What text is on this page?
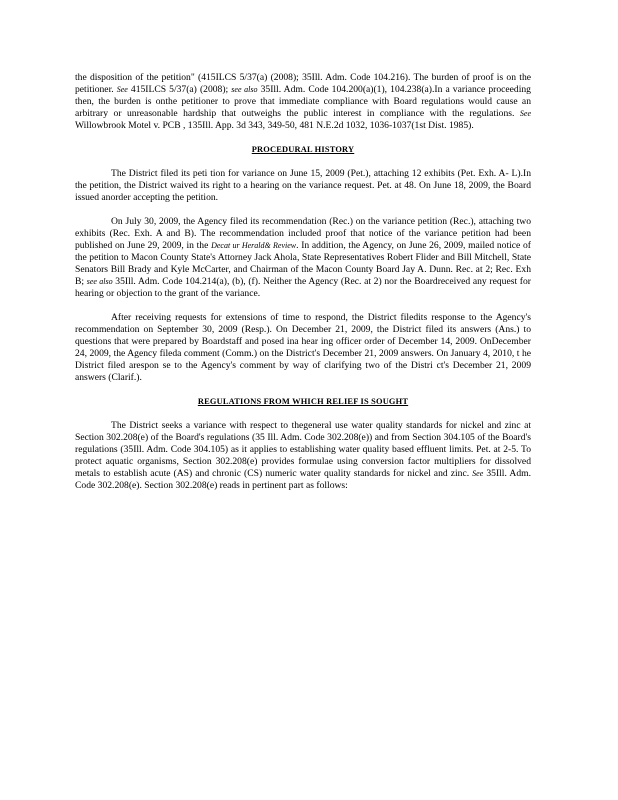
the disposition of the petition" (415ILCS 5/37(a) (2008); 35Ill. Adm. Code 104.216). The burden of proof is on the petitioner. See 415ILCS 5/37(a) (2008); see also 35Ill. Adm. Code 104.200(a)(1), 104.238(a).In a variance proceeding then, the burden is onthe petitioner to prove that immediate compliance with Board regulations would cause an arbitrary or unreasonable hardship that outweighs the public interest in compliance with the regulations. See Willowbrook Motel v. PCB , 135Ill. App. 3d 343, 349-50, 481 N.E.2d 1032, 1036-1037(1st Dist. 1985).

PROCEDURAL HISTORY

The District filed its peti tion for variance on June 15, 2009 (Pet.), attaching 12 exhibits (Pet. Exh. A- L).In the petition, the District waived its right to a hearing on the variance request. Pet. at 48. On June 18, 2009, the Board issued anorder accepting the petition.

On July 30, 2009, the Agency filed its recommendation (Rec.) on the variance petition (Rec.), attaching two exhibits (Rec. Exh. A and B). The recommendation included proof that notice of the variance petition had been published on June 29, 2009, in the Decat ur Herald& Review. In addition, the Agency, on June 26, 2009, mailed notice of the petition to Macon County State's Attorney Jack Ahola, State Representatives Robert Flider and Bill Mitchell, State Senators Bill Brady and Kyle McCarter, and Chairman of the Macon County Board Jay A. Dunn. Rec. at 2; Rec. Exh B; see also 35Ill. Adm. Code 104.214(a), (b), (f). Neither the Agency (Rec. at 2) nor the Boardreceived any request for hearing or objection to the grant of the variance.

After receiving requests for extensions of time to respond, the District filedits response to the Agency's recommendation on September 30, 2009 (Resp.). On December 21, 2009, the District filed its answers (Ans.) to questions that were prepared by Boardstaff and posed ina hear ing officer order of December 14, 2009. OnDecember 24, 2009, the Agency fileda comment (Comm.) on the District's December 21, 2009 answers. On January 4, 2010, t he District filed arespon se to the Agency's comment by way of clarifying two of the Distri ct's December 21, 2009 answers (Clarif.).

REGULATIONS FROM WHICH RELIEF IS SOUGHT

The District seeks a variance with respect to thegeneral use water quality standards for nickel and zinc at Section 302.208(e) of the Board's regulations (35 Ill. Adm. Code 302.208(e)) and from Section 304.105 of the Board's regulations (35Ill. Adm. Code 304.105) as it applies to establishing water quality based effluent limits. Pet. at 2-5. To protect aquatic organisms, Section 302.208(e) provides formulae using conversion factor multipliers for dissolved metals to establish acute (AS) and chronic (CS) numeric water quality standards for nickel and zinc. See 35Ill. Adm. Code 302.208(e). Section 302.208(e) reads in pertinent part as follows:
